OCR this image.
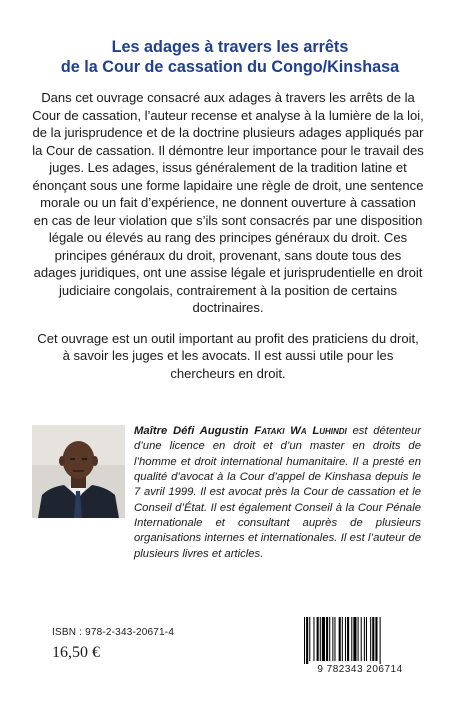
Les adages à travers les arrêts
de la Cour de cassation du Congo/Kinshasa

Dans cet ouvrage consacré aux adages à travers les arrêts de la Cour de cassation, l’auteur recense et analyse à la lumière de la loi, de la jurisprudence et de la doctrine plusieurs adages appliqués par la Cour de cassation. Il démontre leur importance pour le travail des juges. Les adages, issus généralement de la tradition latine et énonçant sous une forme lapidaire une règle de droit, une sentence morale ou un fait d’expérience, ne donnent ouverture à cassation en cas de leur violation que s’ils sont consacrés par une disposition légale ou élevés au rang des principes généraux du droit. Ces principes généraux du droit, provenant, sans doute tous des adages juridiques, ont une assise légale et jurisprudentielle en droit judiciaire congolais, contrairement à la position de certains doctrinaires.

Cet ouvrage est un outil important au profit des praticiens du droit, à savoir les juges et les avocats. Il est aussi utile pour les chercheurs en droit.

Maître Défi Augustin Fataki Wa Luhindi est détenteur d’une licence en droit et d’un master en droits de l’homme et droit international humanitaire. Il a presté en qualité d’avocat à la Cour d’appel de Kinshasa depuis le 7 avril 1999. Il est avocat près la Cour de cassation et le Conseil d’État. Il est également Conseil à la Cour Pénale Internationale et consultant auprès de plusieurs organisations internes et internationales. Il est l’auteur de plusieurs livres et articles.
ISBN : 978-2-343-20671-4
16,50 €
9 782343 206714
